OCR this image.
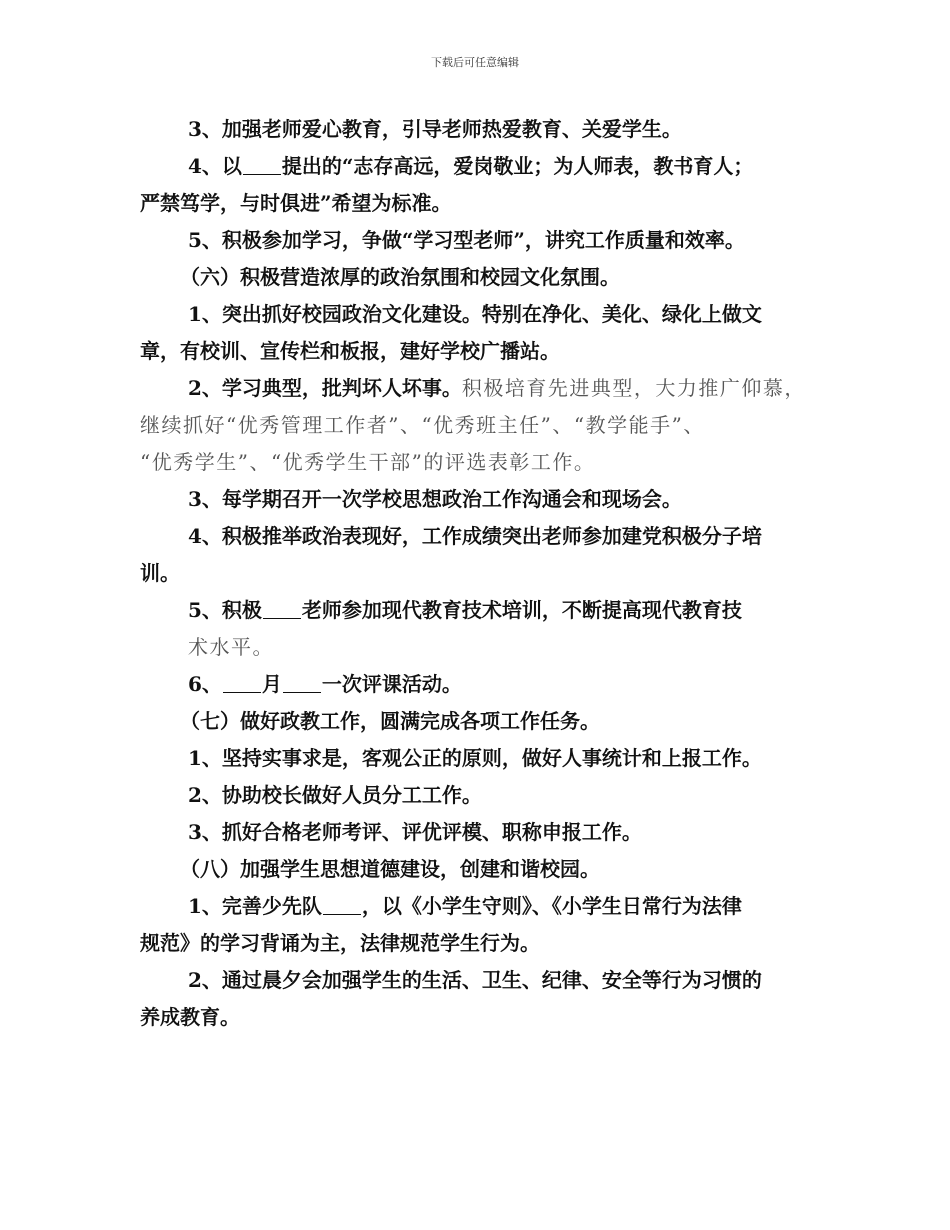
下载后可任意编辑
3、加强老师爱心教育，引导老师热爱教育、关爱学生。
4、以 提出的“志存高远，爱岗敬业；为人师表，教书育人；
严禁笃学，与时俱进”希望为标准。
5、积极参加学习，争做“学习型老师”，讲究工作质量和效率。
（六）积极营造浓厚的政治氛围和校园文化氛围。
1、突出抓好校园政治文化建设。特别在净化、美化、绿化上做文
章，有校训、宣传栏和板报，建好学校广播站。
2、学习典型，批判坏人坏事。积极培育先进典型，大力推广仰慕，
继续抓好“优秀管理工作者”、“优秀班主任”、“教学能手”、
“优秀学生”、“优秀学生干部”的评选表彰工作。
3、每学期召开一次学校思想政治工作沟通会和现场会。
4、积极推举政治表现好，工作成绩突出老师参加建党积极分子培
训。
5、积极 老师参加现代教育技术培训，不断提高现代教育技
术水平。
6、 月 一次评课活动。
（七）做好政教工作，圆满完成各项工作任务。
1、坚持实事求是，客观公正的原则，做好人事统计和上报工作。
2、协助校长做好人员分工工作。
3、抓好合格老师考评、评优评模、职称申报工作。
（八）加强学生思想道德建设，创建和谐校园。
1、完善少先队 ，以《小学生守则》、《小学生日常行为法律
规范》的学习背诵为主，法律规范学生行为。
2、通过晨夕会加强学生的生活、卫生、纪律、安全等行为习惯的
养成教育。
